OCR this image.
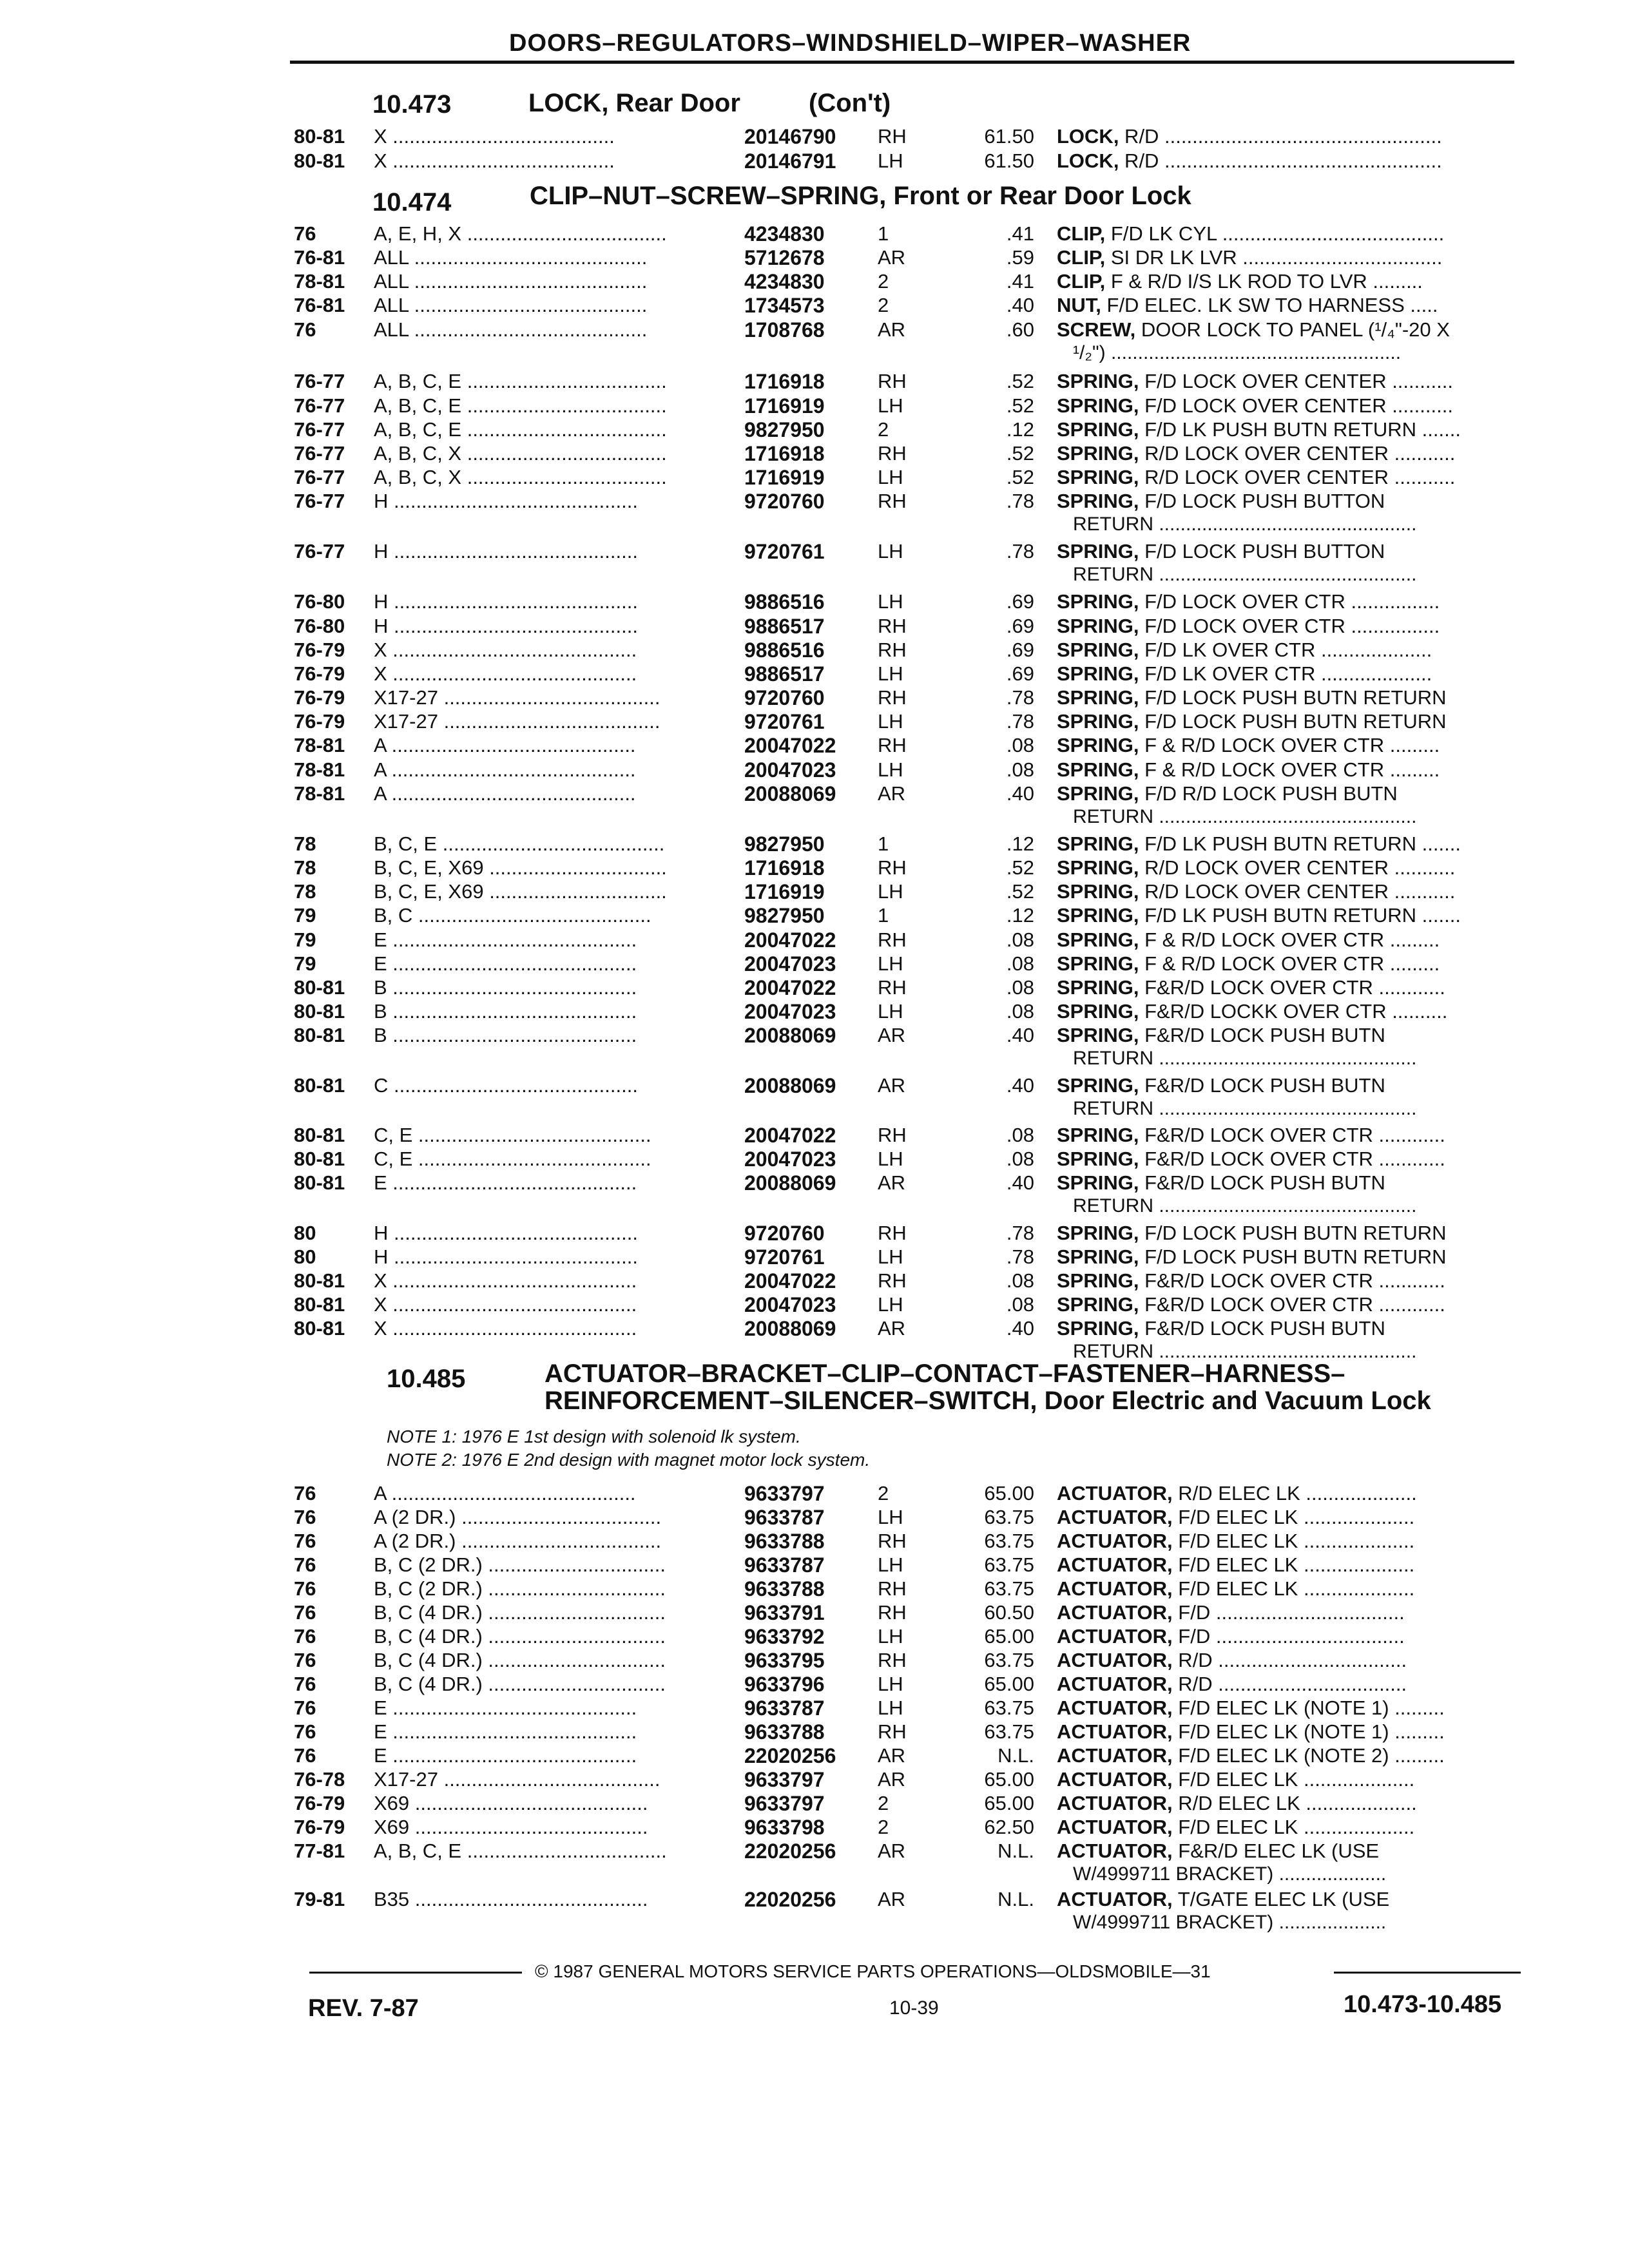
DOORS–REGULATORS–WINDSHIELD–WIPER–WASHER
10.473	LOCK, Rear Door	(Con't)
10.474	CLIP–NUT–SCREW–SPRING, Front or Rear Door Lock
10.485	ACTUATOR–BRACKET–CLIP–CONTACT–FASTENER–HARNESS–
REINFORCEMENT–SILENCER–SWITCH, Door Electric and Vacuum Lock
NOTE 1: 1976 E 1st design with solenoid lk system.
NOTE 2: 1976 E 2nd design with magnet motor lock system.
80-81 X ........................................	20146790 RH	61.50 LOCK, R/D ..................................................
80-81 X ........................................	20146791 LH	61.50 LOCK, R/D ..................................................
76	A, E, H, X ....................................	4234830	1	.41 CLIP, F/D LK CYL ........................................
76-81 ALL ..........................................	5712678	AR	.59 CLIP, SI DR LK LVR ....................................
78-81 ALL ..........................................	4234830	2	.41 CLIP, F & R/D I/S LK ROD TO LVR .........
76-81 ALL ..........................................	1734573	2	.40 NUT, F/D ELEC. LK SW TO HARNESS .....
76	ALL ..........................................	1708768	AR	.60 SCREW, DOOR LOCK TO PANEL (¹/₄"-20 X
¹/₂") ......................................................
76-77 A, B, C, E ....................................	1716918	RH	.52 SPRING, F/D LOCK OVER CENTER ...........
76-77 A, B, C, E ....................................	1716919	LH	.52 SPRING, F/D LOCK OVER CENTER ...........
76-77 A, B, C, E ....................................	9827950	2	.12 SPRING, F/D LK PUSH BUTN RETURN .......
76-77 A, B, C, X ....................................	1716918	RH	.52 SPRING, R/D LOCK OVER CENTER ...........
76-77 A, B, C, X ....................................	1716919	LH	.52 SPRING, R/D LOCK OVER CENTER ...........
76-77 H ............................................	9720760	RH	.78 SPRING, F/D LOCK PUSH BUTTON
RETURN ................................................
76-77 H ............................................	9720761	LH	.78 SPRING, F/D LOCK PUSH BUTTON
RETURN ................................................
76-80 H ............................................	9886516	LH	.69 SPRING, F/D LOCK OVER CTR ................
76-80 H ............................................	9886517	RH	.69 SPRING, F/D LOCK OVER CTR ................
76-79 X ............................................	9886516	RH	.69 SPRING, F/D LK OVER CTR ....................
76-79 X ............................................	9886517	LH	.69 SPRING, F/D LK OVER CTR ....................
76-79 X17-27 .......................................	9720760	RH	.78 SPRING, F/D LOCK PUSH BUTN RETURN
76-79 X17-27 .......................................	9720761	LH	.78 SPRING, F/D LOCK PUSH BUTN RETURN
78-81 A ............................................	20047022 RH	.08 SPRING, F & R/D LOCK OVER CTR .........
78-81 A ............................................	20047023 LH	.08 SPRING, F & R/D LOCK OVER CTR .........
78-81 A ............................................	20088069 AR	.40 SPRING, F/D R/D LOCK PUSH BUTN
RETURN ................................................
78	B, C, E ........................................	9827950	1	.12 SPRING, F/D LK PUSH BUTN RETURN .......
78	B, C, E, X69 ................................	1716918	RH	.52 SPRING, R/D LOCK OVER CENTER ...........
78	B, C, E, X69 ................................	1716919	LH	.52 SPRING, R/D LOCK OVER CENTER ...........
79	B, C ..........................................	9827950	1	.12 SPRING, F/D LK PUSH BUTN RETURN .......
79	E ............................................	20047022 RH	.08 SPRING, F & R/D LOCK OVER CTR .........
79	E ............................................	20047023 LH	.08 SPRING, F & R/D LOCK OVER CTR .........
80-81 B ............................................	20047022 RH	.08 SPRING, F&R/D LOCK OVER CTR ............
80-81 B ............................................	20047023 LH	.08 SPRING, F&R/D LOCKK OVER CTR ..........
80-81 B ............................................	20088069 AR	.40 SPRING, F&R/D LOCK PUSH BUTN
RETURN ................................................
80-81 C ............................................	20088069 AR	.40 SPRING, F&R/D LOCK PUSH BUTN
RETURN ................................................
80-81 C, E ..........................................	20047022 RH	.08 SPRING, F&R/D LOCK OVER CTR ............
80-81 C, E ..........................................	20047023 LH	.08 SPRING, F&R/D LOCK OVER CTR ............
80-81 E ............................................	20088069 AR	.40 SPRING, F&R/D LOCK PUSH BUTN
RETURN ................................................
80	H ............................................	9720760	RH	.78 SPRING, F/D LOCK PUSH BUTN RETURN
80	H ............................................	9720761	LH	.78 SPRING, F/D LOCK PUSH BUTN RETURN
80-81 X ............................................	20047022 RH	.08 SPRING, F&R/D LOCK OVER CTR ............
80-81 X ............................................	20047023 LH	.08 SPRING, F&R/D LOCK OVER CTR ............
80-81 X ............................................	20088069 AR	.40 SPRING, F&R/D LOCK PUSH BUTN
RETURN ................................................
76	A ............................................	9633797	2	65.00 ACTUATOR, R/D ELEC LK ....................
76	A (2 DR.) ....................................	9633787	LH	63.75 ACTUATOR, F/D ELEC LK ....................
76	A (2 DR.) ....................................	9633788	RH	63.75 ACTUATOR, F/D ELEC LK ....................
76	B, C (2 DR.) ................................	9633787	LH	63.75 ACTUATOR, F/D ELEC LK ....................
76	B, C (2 DR.) ................................	9633788	RH	63.75 ACTUATOR, F/D ELEC LK ....................
76	B, C (4 DR.) ................................	9633791	RH	60.50 ACTUATOR, F/D ..................................
76	B, C (4 DR.) ................................	9633792	LH	65.00 ACTUATOR, F/D ..................................
76	B, C (4 DR.) ................................	9633795	RH	63.75 ACTUATOR, R/D ..................................
76	B, C (4 DR.) ................................	9633796	LH	65.00 ACTUATOR, R/D ..................................
76	E ............................................	9633787	LH	63.75 ACTUATOR, F/D ELEC LK (NOTE 1) .........
76	E ............................................	9633788	RH	63.75 ACTUATOR, F/D ELEC LK (NOTE 1) .........
76	E ............................................	22020256 AR	N.L. ACTUATOR, F/D ELEC LK (NOTE 2) .........
76-78 X17-27 .......................................	9633797	AR	65.00 ACTUATOR, F/D ELEC LK ....................
76-79 X69 ..........................................	9633797	2	65.00 ACTUATOR, R/D ELEC LK ....................
76-79 X69 ..........................................	9633798	2	62.50 ACTUATOR, F/D ELEC LK ....................
77-81 A, B, C, E ....................................	22020256 AR	N.L. ACTUATOR, F&R/D ELEC LK (USE
W/4999711 BRACKET) ....................
79-81 B35 ..........................................	22020256 AR	N.L. ACTUATOR, T/GATE ELEC LK (USE
W/4999711 BRACKET) ....................
© 1987 GENERAL MOTORS SERVICE PARTS OPERATIONS—OLDSMOBILE—31
REV. 7-87	10-39	10.473-10.485
